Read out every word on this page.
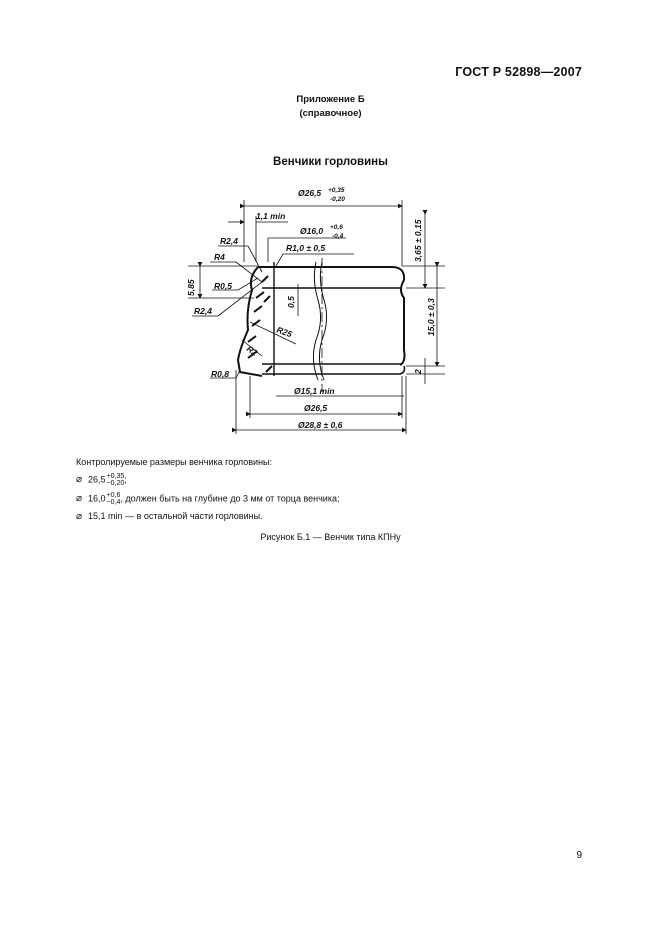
ГОСТ Р 52898—2007
Приложение Б
(справочное)
Венчики горловины
Ø26,5 +0,35
-0,20
1,1 min
Ø16,0 +0,6
-0,4
R1,0 ± 0,5
R2,4
R4
R0,5
R2,4
R0,8
R25
R2
5,85
0,5
3,65 ± 0,15
15,0 ± 0,3
2
Ø15,1 min
Ø26,5
Ø28,8 ± 0,6
Контролируемые размеры венчика горловины:
⌀ 26,5 +0,35
−0,20 ;
⌀ 16,0 +0,6
−0,4 , должен быть на глубине до 3 мм от торца венчика;
⌀ 15,1 min — в остальной части горловины.
Рисунок Б.1 — Венчик типа КПНу
9
